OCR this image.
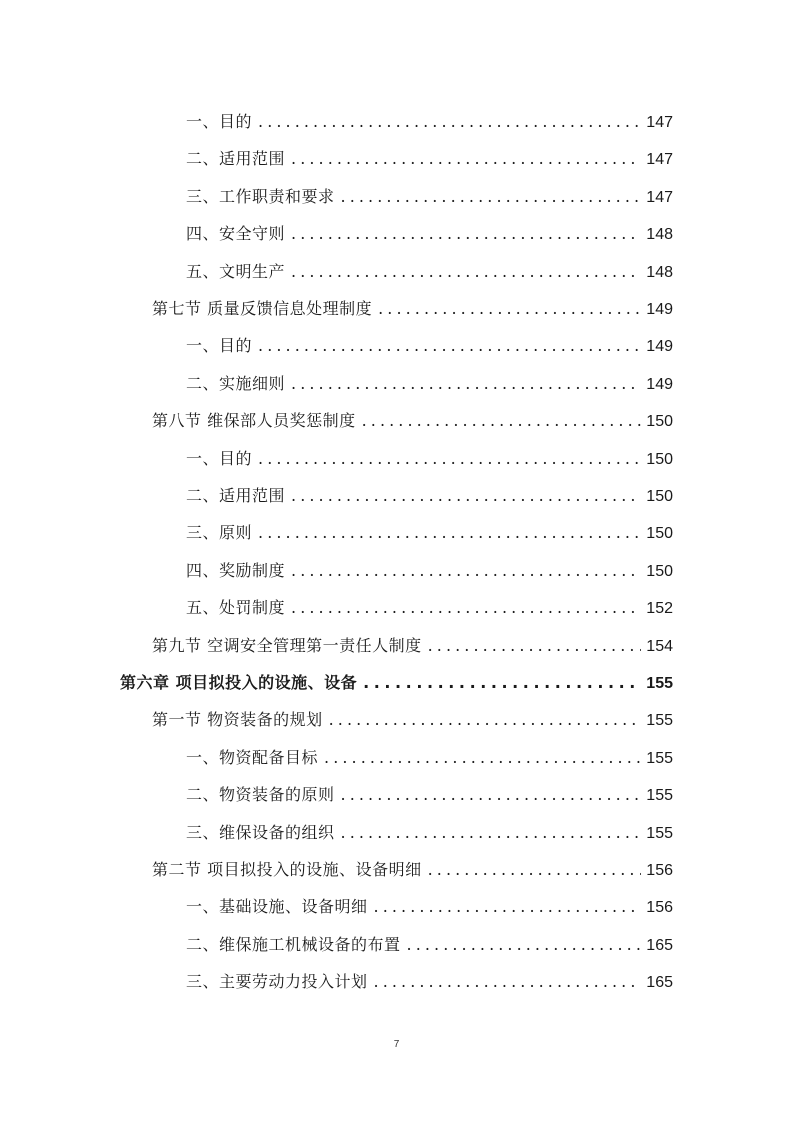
一、目的 . . .	147
二、适用范围 . . .	147
三、工作职责和要求 . . .	147
四、安全守则 . . .	148
五、文明生产 . . .	148
第七节 质量反馈信息处理制度 . . .	149
一、目的 . . .	149
二、实施细则 . . .	149
第八节 维保部人员奖惩制度 . . .	150
一、目的 . . .	150
二、适用范围 . . .	150
三、原则 . . .	150
四、奖励制度 . . .	150
五、处罚制度 . . .	152
第九节 空调安全管理第一责任人制度 . . .	154
第六章 项目拟投入的设施、设备 . . .	155
第一节 物资装备的规划 . . .	155
一、物资配备目标 . . .	155
二、物资装备的原则 . . .	155
三、维保设备的组织 . . .	155
第二节 项目拟投入的设施、设备明细 . . .	156
一、基础设施、设备明细 . . .	156
二、维保施工机械设备的布置 . . .	165
三、主要劳动力投入计划 . . .	165
7
